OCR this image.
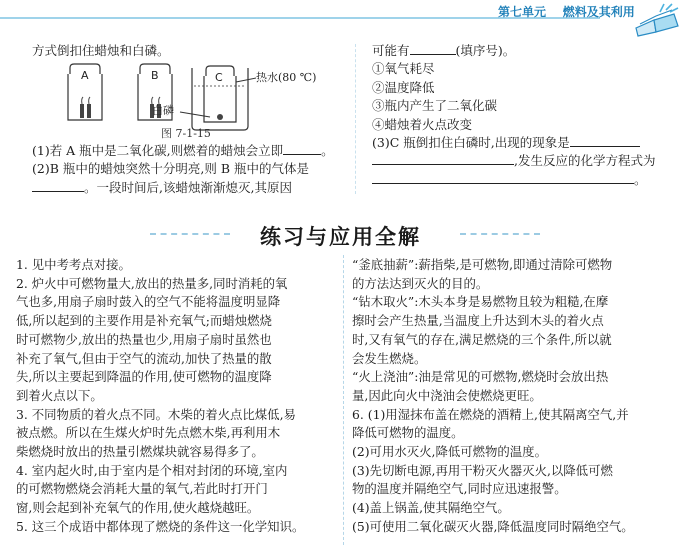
第七单元 燃料及其利用
方式倒扣住蜡烛和白磷。
A	B	C	热水(80 ℃)
白磷
图 7-1-15
(1)若 A 瓶中是二氧化碳,则燃着的蜡烛会立即	。
(2)B 瓶中的蜡烛突然十分明亮,则 B 瓶中的气体是
。一段时间后,该蜡烛渐渐熄灭,其原因
可能有	(填序号)。
①氧气耗尽
②温度降低
③瓶内产生了二氧化碳
④蜡烛着火点改变
(3)C 瓶倒扣住白磷时,出现的现象是
,发生反应的化学方程式为
。
练习与应用全解
1. 见中考考点对接。
2. 炉火中可燃物量大,放出的热量多,同时消耗的氧
气也多,用扇子扇时鼓入的空气不能将温度明显降
低,所以起到的主要作用是补充氧气;而蜡烛燃烧
时可燃物少,放出的热量也少,用扇子扇时虽然也
补充了氧气,但由于空气的流动,加快了热量的散
失,所以主要起到降温的作用,使可燃物的温度降
到着火点以下。
3. 不同物质的着火点不同。木柴的着火点比煤低,易
被点燃。所以在生煤火炉时先点燃木柴,再利用木
柴燃烧时放出的热量引燃煤块就容易得多了。
4. 室内起火时,由于室内是个相对封闭的环境,室内
的可燃物燃烧会消耗大量的氧气,若此时打开门
窗,则会起到补充氧气的作用,使火越烧越旺。
5. 这三个成语中都体现了燃烧的条件这一化学知识。
“釜底抽薪”:薪指柴,是可燃物,即通过清除可燃物
的方法达到灭火的目的。
“钻木取火”:木头本身是易燃物且较为粗糙,在摩
擦时会产生热量,当温度上升达到木头的着火点
时,又有氧气的存在,满足燃烧的三个条件,所以就
会发生燃烧。
“火上浇油”:油是常见的可燃物,燃烧时会放出热
量,因此向火中浇油会使燃烧更旺。
6. (1)用湿抹布盖在燃烧的酒精上,使其隔离空气,并
降低可燃物的温度。
(2)可用水灭火,降低可燃物的温度。
(3)先切断电源,再用干粉灭火器灭火,以降低可燃
物的温度并隔绝空气,同时应迅速报警。
(4)盖上锅盖,使其隔绝空气。
(5)可使用二氧化碳灭火器,降低温度同时隔绝空气。
